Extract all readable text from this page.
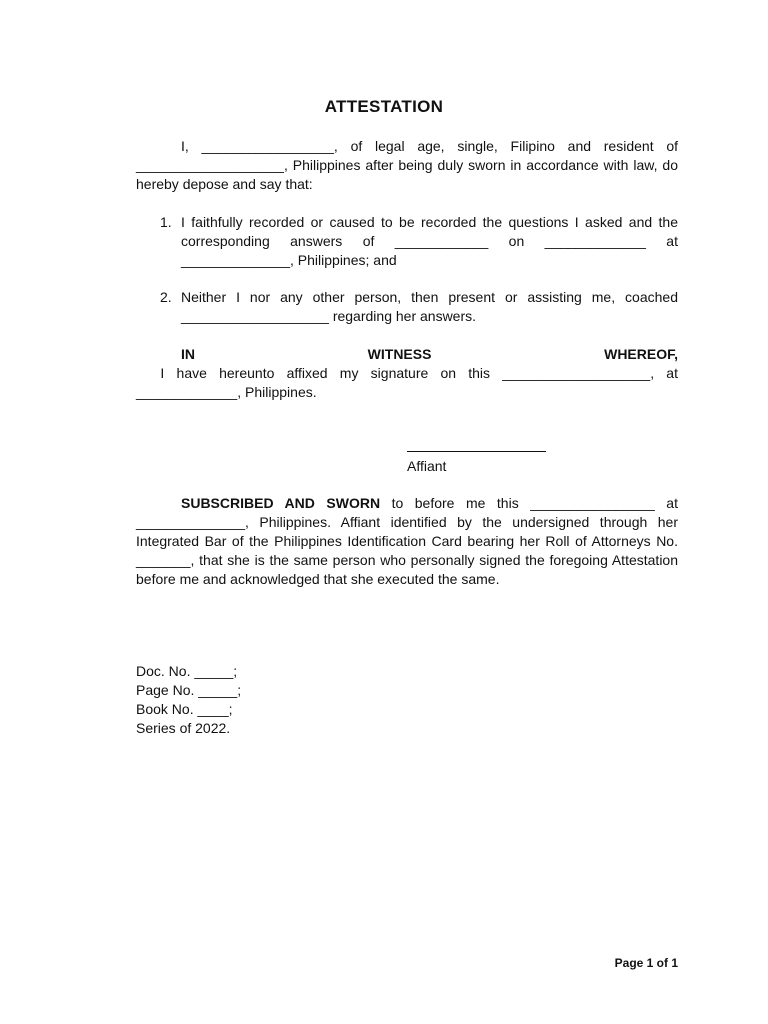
ATTESTATION
I, _________________, of legal age, single, Filipino and resident of ___________________, Philippines after being duly sworn in accordance with law, do hereby depose and say that:
1. I faithfully recorded or caused to be recorded the questions I asked and the corresponding answers of ____________ on _____________ at ______________, Philippines; and
2. Neither I nor any other person, then present or assisting me, coached ___________________ regarding her answers.
IN WITNESS WHEREOF,  I have hereunto affixed my signature on this ___________________, at _____________, Philippines.
Affiant
SUBSCRIBED AND SWORN to before me this ________________ at ______________, Philippines. Affiant identified by the undersigned through her Integrated Bar of the Philippines Identification Card bearing her Roll of Attorneys No. _______, that she is the same person who personally signed the foregoing Attestation before me and acknowledged that she executed the same.
Doc. No. _____;
Page No. _____;
Book No. ____;
Series of 2022.
Page 1 of 1
